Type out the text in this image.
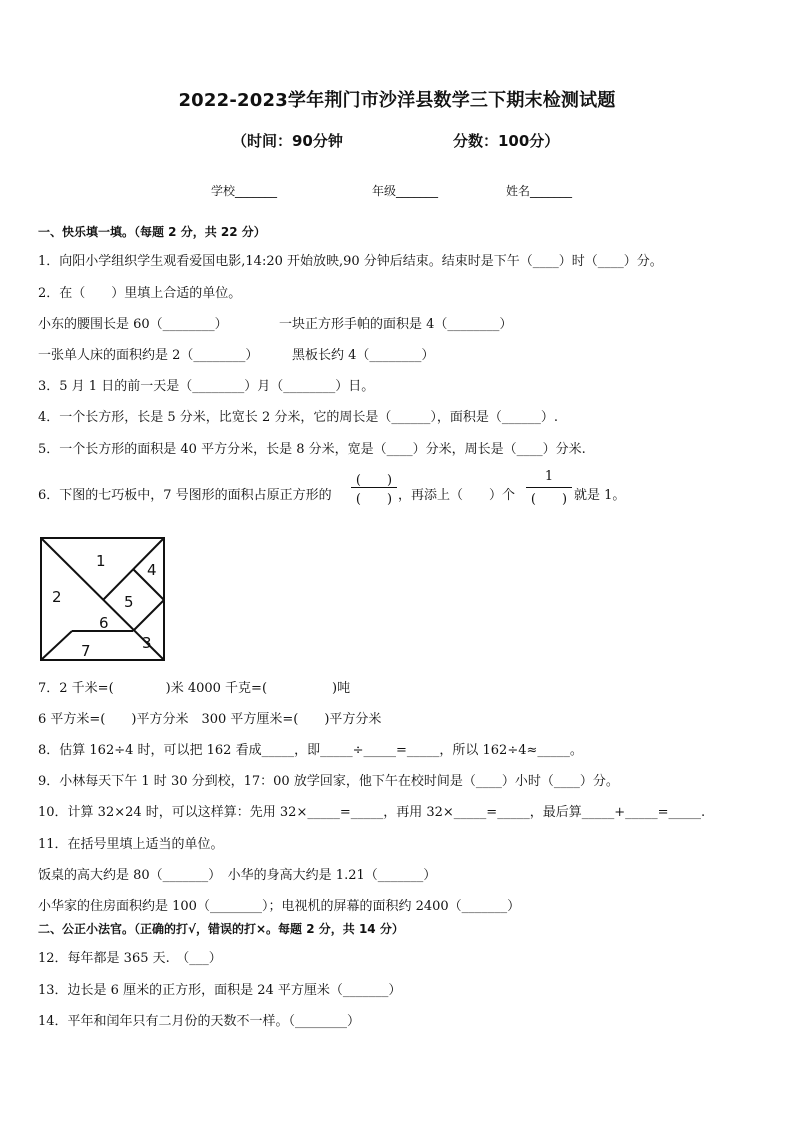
2022-2023学年荆门市沙洋县数学三下期末检测试题
（时间：90分钟	分数：100分）
学校_______	年级_______	姓名_______
一、快乐填一填。（每题 2 分，共 22 分）
1．向阳小学组织学生观看爱国电影,14:20 开始放映,90 分钟后结束。结束时是下午（____）时（____）分。
2．在（　　）里填上合适的单位。
小东的腰围长是 60（________）	一块正方形手帕的面积是 4（________）
一张单人床的面积约是 2（________）	黑板长约 4（________）
3．5 月 1 日的前一天是（________）月（________）日。
4．一个长方形，长是 5 分米，比宽长 2 分米，它的周长是（______），面积是（______）.
5．一个长方形的面积是 40 平方分米，长是 8 分米，宽是（____）分米，周长是（____）分米.
6．下图的七巧板中，7 号图形的面积占原正方形的
(　　)
(　　) ，再添上（　　）个
1
(　　) 就是 1。
1
2
3
4
5
6
7
7．2 千米=(　　　　)米 4000 千克=(　　　　　)吨
6 平方米=(　　)平方分米　300 平方厘米=(　　)平方分米
8．估算 162÷4 时，可以把 162 看成_____，即_____÷_____=_____，所以 162÷4≈_____。
9．小林每天下午 1 时 30 分到校，17：00 放学回家，他下午在校时间是（____）小时（____）分。
10．计算 32×24 时，可以这样算：先用 32×_____=_____，再用 32×_____=_____，最后算_____+_____=_____.
11．在括号里填上适当的单位。
饭桌的高大约是 80（_______）　小华的身高大约是 1.21（_______）
小华家的住房面积约是 100（________）；电视机的屏幕的面积约 2400（_______）
二、公正小法官。（正确的打√，错误的打×。每题 2 分，共 14 分）
12．每年都是 365 天.　（___）
13．边长是 6 厘米的正方形，面积是 24 平方厘米（_______）
14．平年和闰年只有二月份的天数不一样。（________）
